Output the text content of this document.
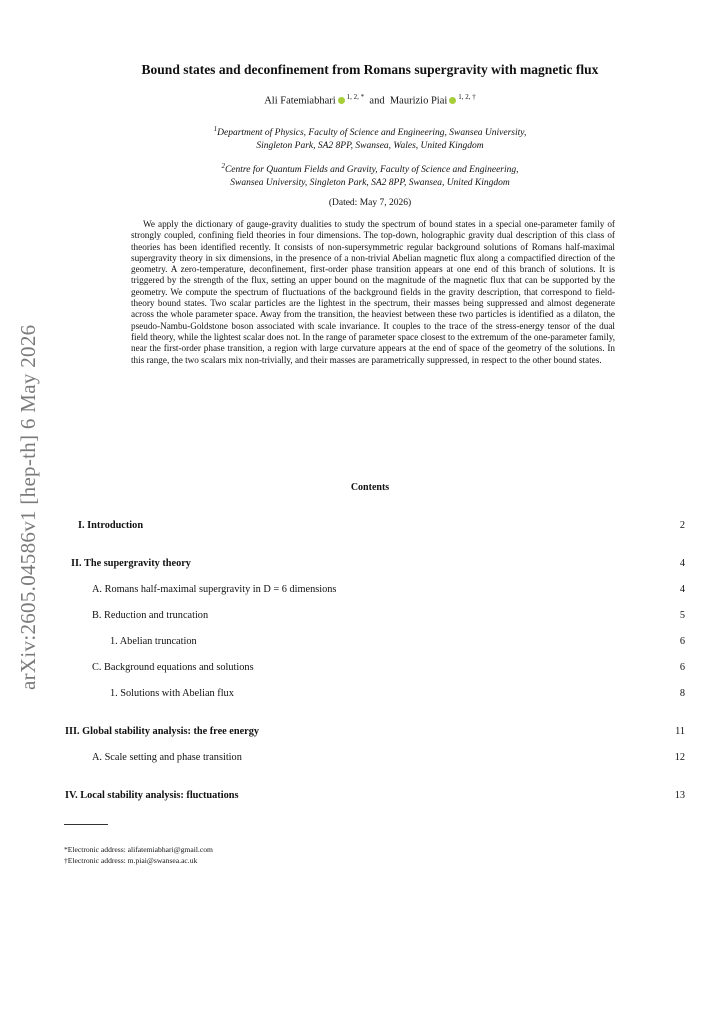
arXiv:2605.04586v1 [hep-th] 6 May 2026
Bound states and deconfinement from Romans supergravity with magnetic flux
Ali Fatemiabhari $^{1, 2, *}$ and Maurizio Piai $^{1, 2, \dagger}$
$^1$Department of Physics, Faculty of Science and Engineering, Swansea University,
Singleton Park, SA2 8PP, Swansea, Wales, United Kingdom
$^2$Centre for Quantum Fields and Gravity, Faculty of Science and Engineering,
Swansea University, Singleton Park, SA2 8PP, Swansea, United Kingdom
(Dated: May 7, 2026)
We apply the dictionary of gauge-gravity dualities to study the spectrum of bound states in a special one-parameter family of strongly coupled, confining field theories in four dimensions. The top-down, holographic gravity dual description of this class of theories has been identified recently. It consists of non-supersymmetric regular background solutions of Romans half-maximal supergravity theory in six dimensions, in the presence of a non-trivial Abelian magnetic flux along a compactified direction of the geometry. A zero-temperature, deconfinement, first-order phase transition appears at one end of this branch of solutions. It is triggered by the strength of the flux, setting an upper bound on the magnitude of the magnetic flux that can be supported by the geometry. We compute the spectrum of fluctuations of the background fields in the gravity description, that correspond to field-theory bound states. Two scalar particles are the lightest in the spectrum, their masses being suppressed and almost degenerate across the whole parameter space. Away from the transition, the heaviest between these two particles is identified as a dilaton, the pseudo-Nambu-Goldstone boson associated with scale invariance. It couples to the trace of the stress-energy tensor of the dual field theory, while the lightest scalar does not. In the range of parameter space closest to the extremum of the one-parameter family, near the first-order phase transition, a region with large curvature appears at the end of space of the geometry of the solutions. In this range, the two scalars mix non-trivially, and their masses are parametrically suppressed, in respect to the other bound states.
Contents
I. Introduction	2
II. The supergravity theory	4
A. Romans half-maximal supergravity in D = 6 dimensions	4
B. Reduction and truncation	5
1. Abelian truncation	6
C. Background equations and solutions	6
1. Solutions with Abelian flux	8
III. Global stability analysis: the free energy	11
A. Scale setting and phase transition	12
IV. Local stability analysis: fluctuations	13
*Electronic address: alifatemiabhari@gmail.com
†Electronic address: m.piai@swansea.ac.uk
